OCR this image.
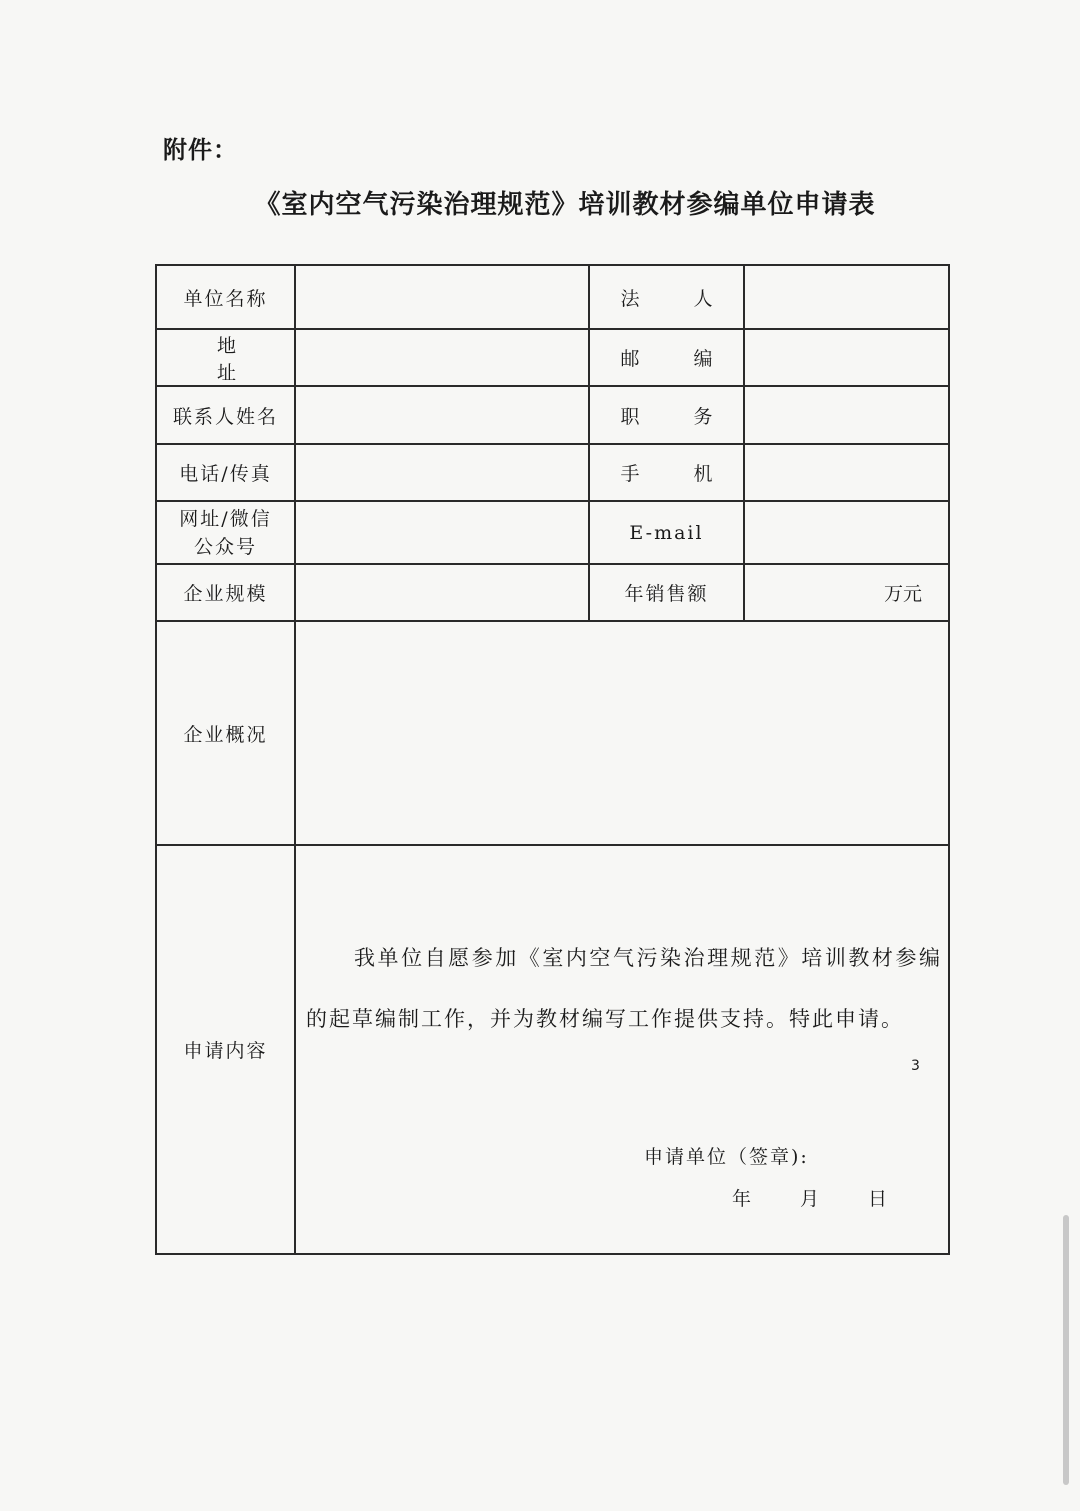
附件：
《室内空气污染治理规范》培训教材参编单位申请表
单位名称		法 人	
地 址		邮 编	
联系人姓名		职 务	
电话/传真		手 机	

网址/微信
公众号		E-mail	
企业规模		年销售额	万元
企业概况			
申请内容	我单位自愿参加《室内空气污染治理规范》培训教材参编的起草编制工作，并为教材编写工作提供支持。特此申请。
申请单位（签章):
年 月 日		
3
